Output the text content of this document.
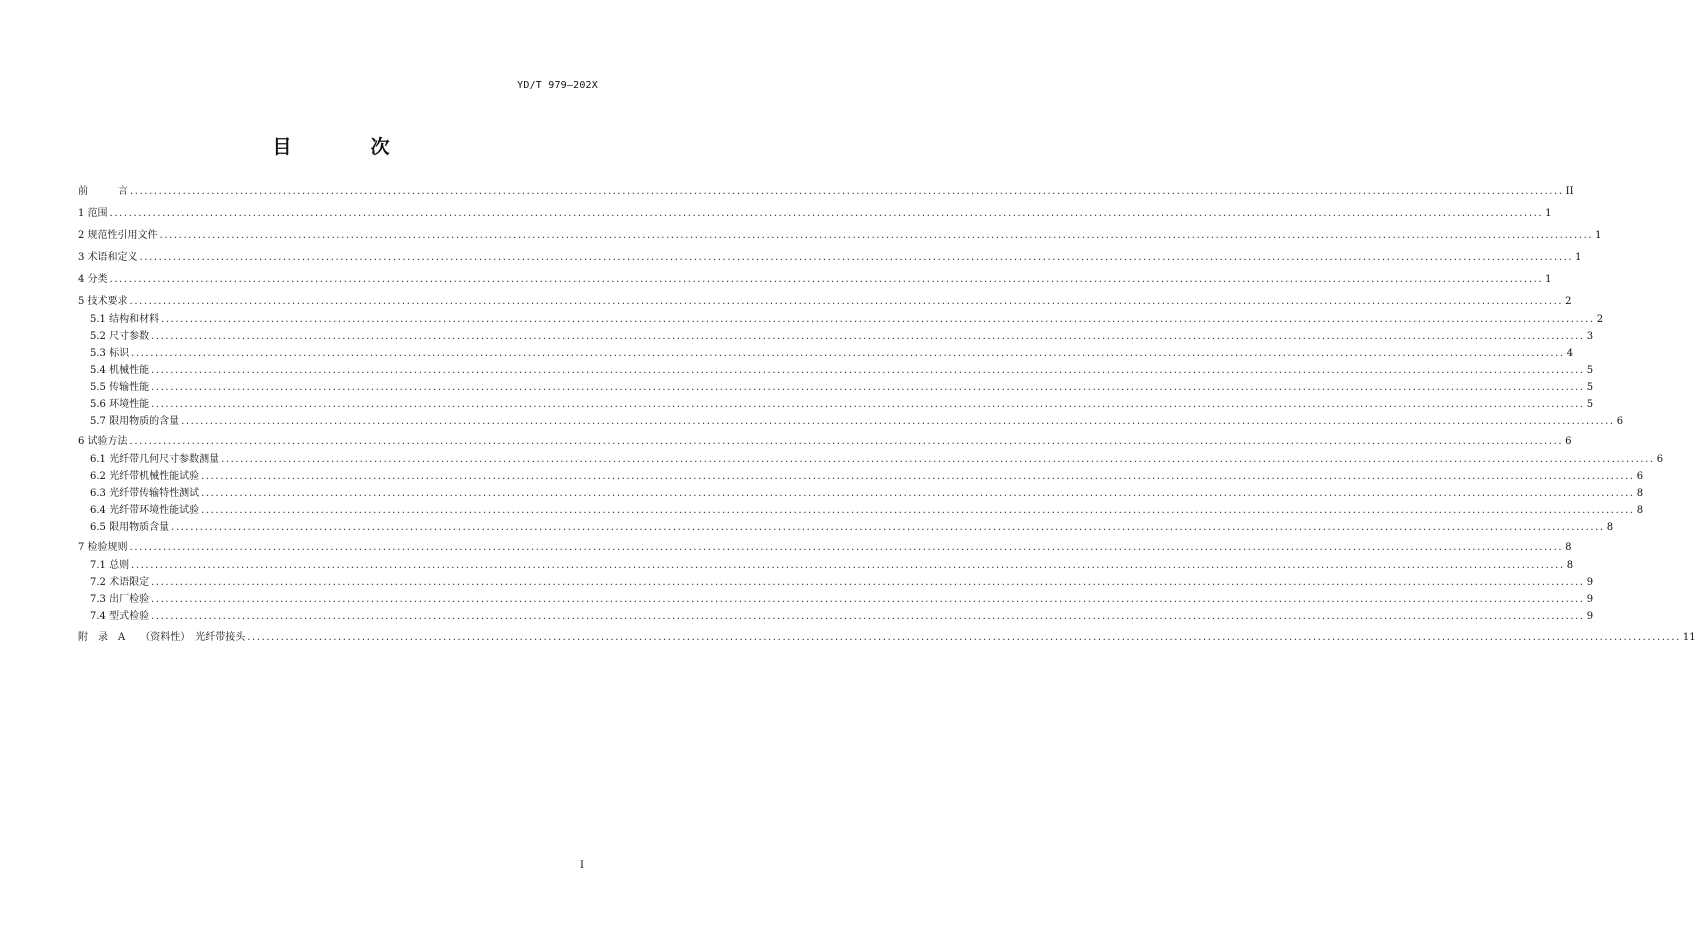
YD/T 979—202X
目　次
前　　　言 ............................................................................................................................................................................................................................................................................................................ II
1 范围 ............................................................................................................................................................................................................................................................................................................ 1
2 规范性引用文件 ............................................................................................................................................................................................................................................................................................................ 1
3 术语和定义 ............................................................................................................................................................................................................................................................................................................ 1
4 分类 ............................................................................................................................................................................................................................................................................................................ 1
5 技术要求 ............................................................................................................................................................................................................................................................................................................ 2
5.1 结构和材料 ............................................................................................................................................................................................................................................................................................................ 2
5.2 尺寸参数 ............................................................................................................................................................................................................................................................................................................ 3
5.3 标识 ............................................................................................................................................................................................................................................................................................................ 4
5.4 机械性能 ............................................................................................................................................................................................................................................................................................................ 5
5.5 传输性能 ............................................................................................................................................................................................................................................................................................................ 5
5.6 环境性能 ............................................................................................................................................................................................................................................................................................................ 5
5.7 限用物质的含量 ............................................................................................................................................................................................................................................................................................................ 6
6 试验方法 ............................................................................................................................................................................................................................................................................................................ 6
6.1 光纤带几何尺寸参数测量 ............................................................................................................................................................................................................................................................................................................ 6
6.2 光纤带机械性能试验 ............................................................................................................................................................................................................................................................................................................ 6
6.3 光纤带传输特性测试 ............................................................................................................................................................................................................................................................................................................ 8
6.4 光纤带环境性能试验 ............................................................................................................................................................................................................................................................................................................ 8
6.5 限用物质含量 ............................................................................................................................................................................................................................................................................................................ 8
7 检验规则 ............................................................................................................................................................................................................................................................................................................ 8
7.1 总则 ............................................................................................................................................................................................................................................................................................................ 8
7.2 术语限定 ............................................................................................................................................................................................................................................................................................................ 9
7.3 出厂检验 ............................................................................................................................................................................................................................................................................................................ 9
7.4 型式检验 ............................................................................................................................................................................................................................................................................................................ 9
附　录　A　　（资料性）　光纤带接头 ............................................................................................................................................................................................................................................................................................................ 11
I
